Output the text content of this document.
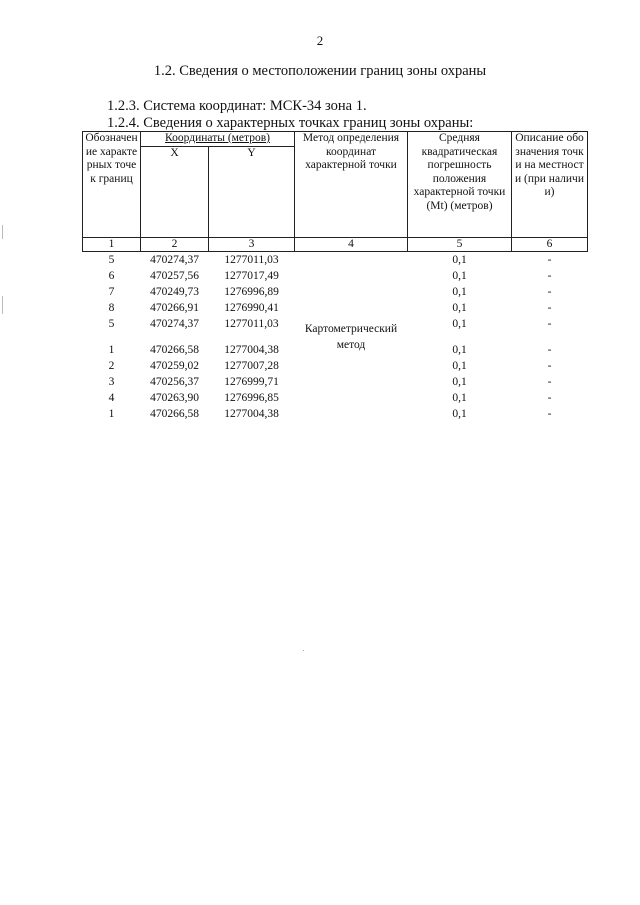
2
1.2. Сведения о местоположении границ зоны охраны
1.2.3. Система координат: МСК-34 зона 1.
1.2.4. Сведения о характерных точках границ зоны охраны:
Обозначение характерных точек границ	Координаты (метров)		Метод определения координат характерной точки	Средняя квадратическая погрешность положения характерной точки (Mt) (метров)	Описание обозначения точки на местности (при наличии)
	X	Y			
1	2	3	4	5	6
5	470274,37	1277011,03	Картометрический метод	0,1	-
6	470257,56	1277017,49		0,1	-
7	470249,73	1276996,89		0,1	-
8	470266,91	1276990,41		0,1	-
5	470274,37	1277011,03		0,1	-

1	470266,58	1277004,38		0,1	-
2	470259,02	1277007,28		0,1	-
3	470256,37	1276999,71		0,1	-
4	470263,90	1276996,85		0,1	-
1	470266,58	1277004,38		0,1	-
